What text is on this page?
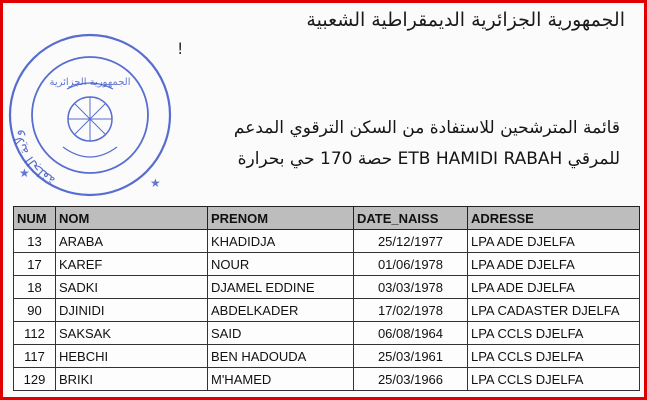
الجمهورية الجزائرية الديمقراطية الشعبية
!
ولاية الجلفة
الجمهورية الجزائرية
★
★
قائمة المترشحين للاستفادة من السكن الترقوي المدعم
للمرقي ETB HAMIDI RABAH حصة 170 حي بحرارة
NUM	NOM	PRENOM	DATE_NAISS	ADRESSE
13	ARABA	KHADIDJA	25/12/1977	LPA ADE DJELFA
17	KAREF	NOUR	01/06/1978	LPA ADE DJELFA
18	SADKI	DJAMEL EDDINE	03/03/1978	LPA ADE DJELFA
90	DJINIDI	ABDELKADER	17/02/1978	LPA CADASTER DJELFA
112	SAKSAK	SAID	06/08/1964	LPA CCLS DJELFA
117	HEBCHI	BEN HADOUDA	25/03/1961	LPA CCLS DJELFA
129	BRIKI	M'HAMED	25/03/1966	LPA CCLS DJELFA
